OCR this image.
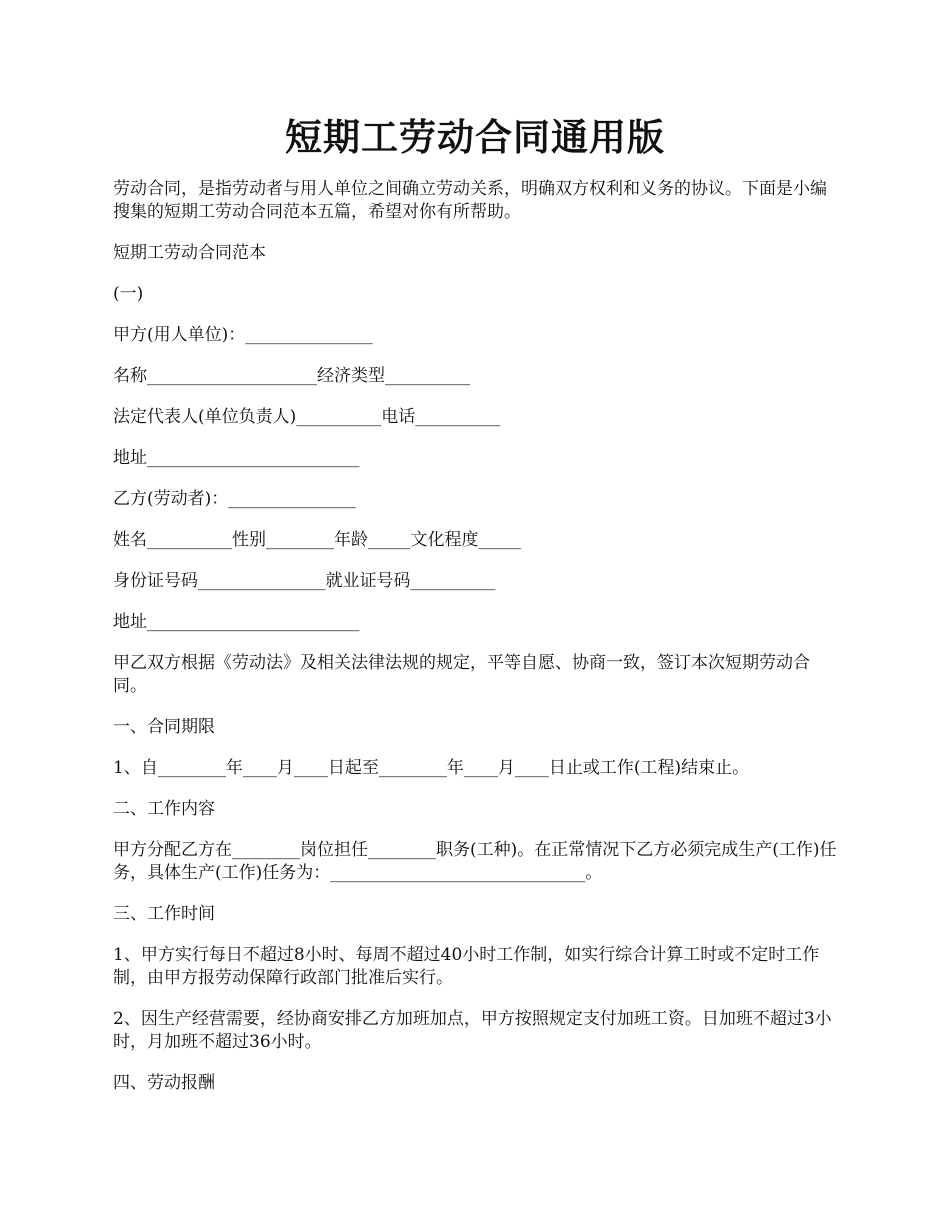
短期工劳动合同通用版

劳动合同，是指劳动者与用人单位之间确立劳动关系，明确双方权利和义务的协议。下面是小编搜集的短期工劳动合同范本五篇，希望对你有所帮助。

短期工劳动合同范本

(一)

甲方(用人单位)：_______________

名称____________________经济类型__________

法定代表人(单位负责人)__________电话__________

地址_________________________

乙方(劳动者)：_______________

姓名__________性别________年龄_____文化程度_____

身份证号码_______________就业证号码__________

地址_________________________

甲乙双方根据《劳动法》及相关法律法规的规定，平等自愿、协商一致，签订本次短期劳动合同。

一、合同期限

1、自________年____月____日起至________年____月____日止或工作(工程)结束止。

二、工作内容

甲方分配乙方在________岗位担任________职务(工种)。在正常情况下乙方必须完成生产(工作)任务，具体生产(工作)任务为：______________________________。

三、工作时间

1、甲方实行每日不超过8小时、每周不超过40小时工作制，如实行综合计算工时或不定时工作制，由甲方报劳动保障行政部门批准后实行。

2、因生产经营需要，经协商安排乙方加班加点，甲方按照规定支付加班工资。日加班不超过3小时，月加班不超过36小时。

四、劳动报酬
